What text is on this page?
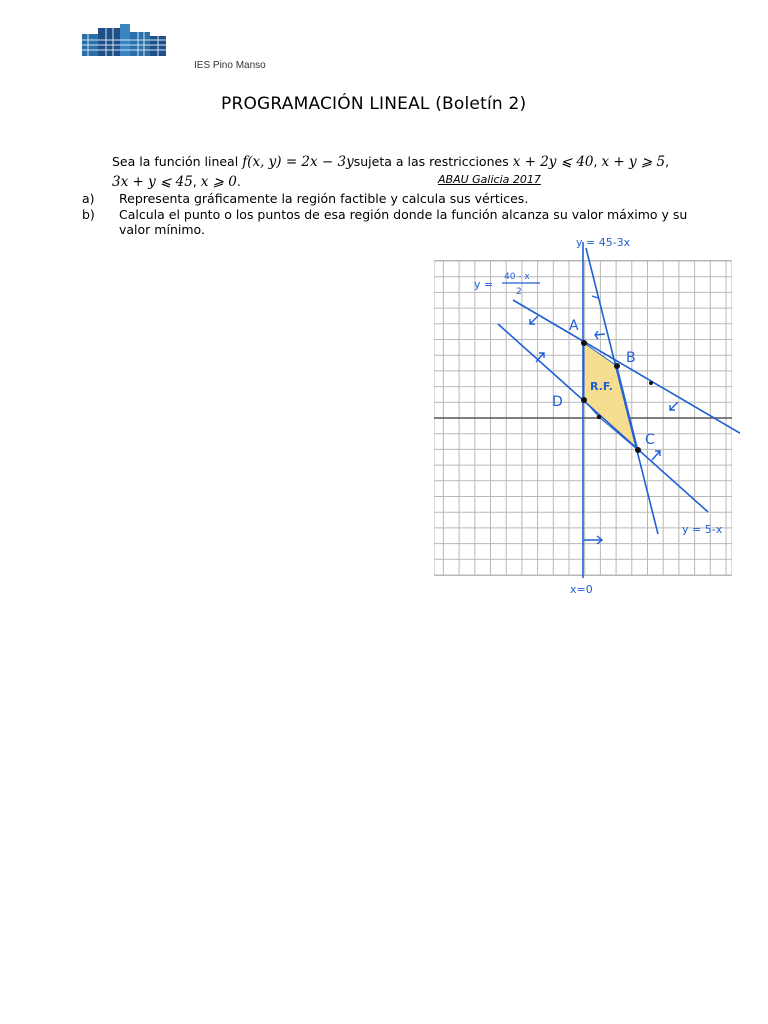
IES Pino Manso
PROGRAMACIÓN LINEAL (Boletín 2)
Sea la función lineal f(x, y) = 2x − 3ysujeta a las restricciones x + 2y ⩽ 40, x + y ⩾ 5,
3x + y ⩽ 45, x ⩾ 0.	ABAU Galicia 2017
a)	Representa gráficamente la región factible y calcula sus vértices.
b)	Calcula el punto o los puntos de esa región donde la función alcanza su valor máximo y su valor mínimo.
A
B
C
D
R.F.
y = 45-3x
y =
40 - x
2
y = 5-x
x=0
